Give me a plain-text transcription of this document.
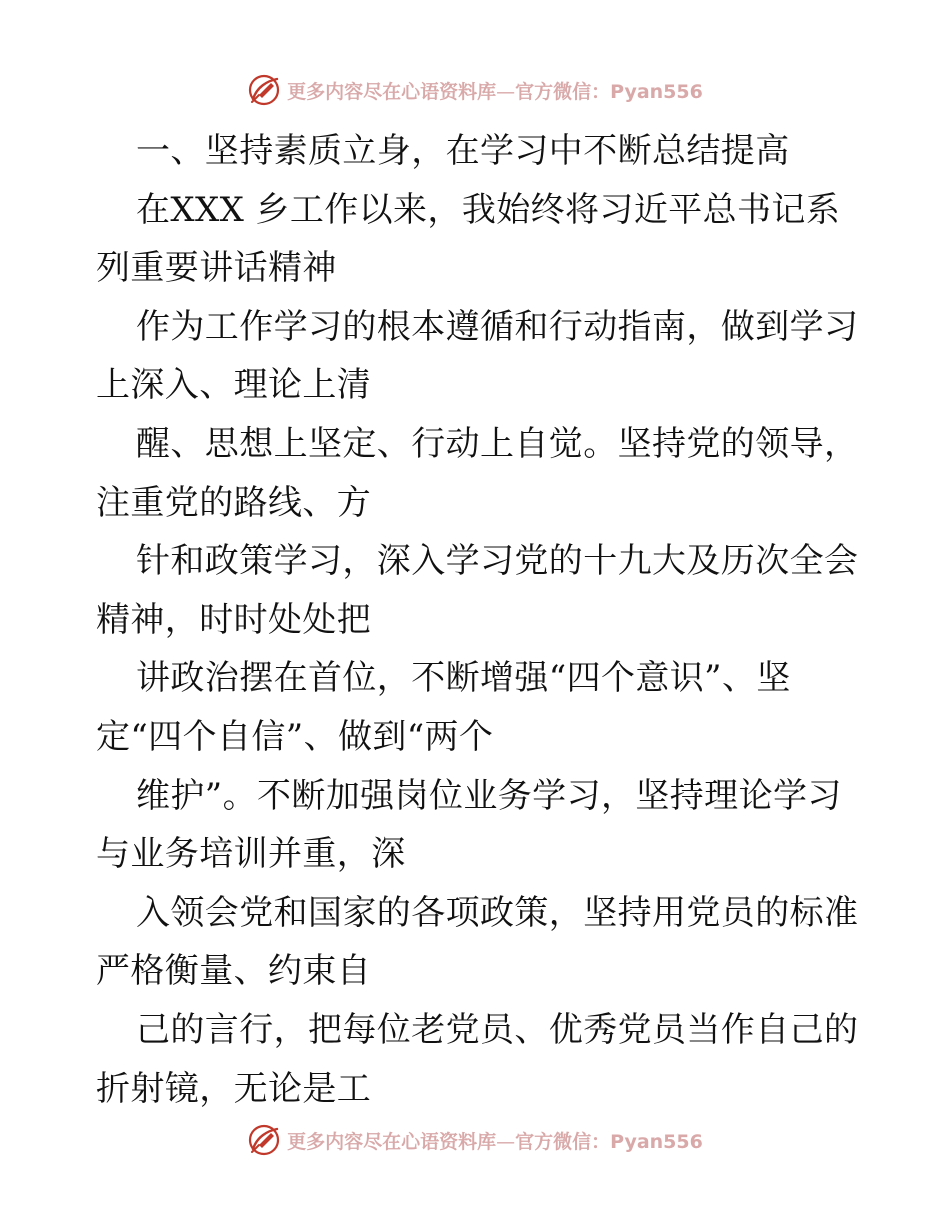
更多内容尽在心语资料库—官方微信：Pyan556
一、坚持素质立身，在学习中不断总结提高
在XXX 乡工作以来，我始终将习近平总书记系
列重要讲话精神
作为工作学习的根本遵循和行动指南，做到学习
上深入、理论上清
醒、思想上坚定、行动上自觉。坚持党的领导，
注重党的路线、方
针和政策学习，深入学习党的十九大及历次全会
精神，时时处处把
讲政治摆在首位，不断增强“四个意识”、坚
定“四个自信”、做到“两个
维护”。不断加强岗位业务学习，坚持理论学习
与业务培训并重，深
入领会党和国家的各项政策，坚持用党员的标准
严格衡量、约束自
己的言行，把每位老党员、优秀党员当作自己的
折射镜，无论是工
更多内容尽在心语资料库—官方微信：Pyan556
